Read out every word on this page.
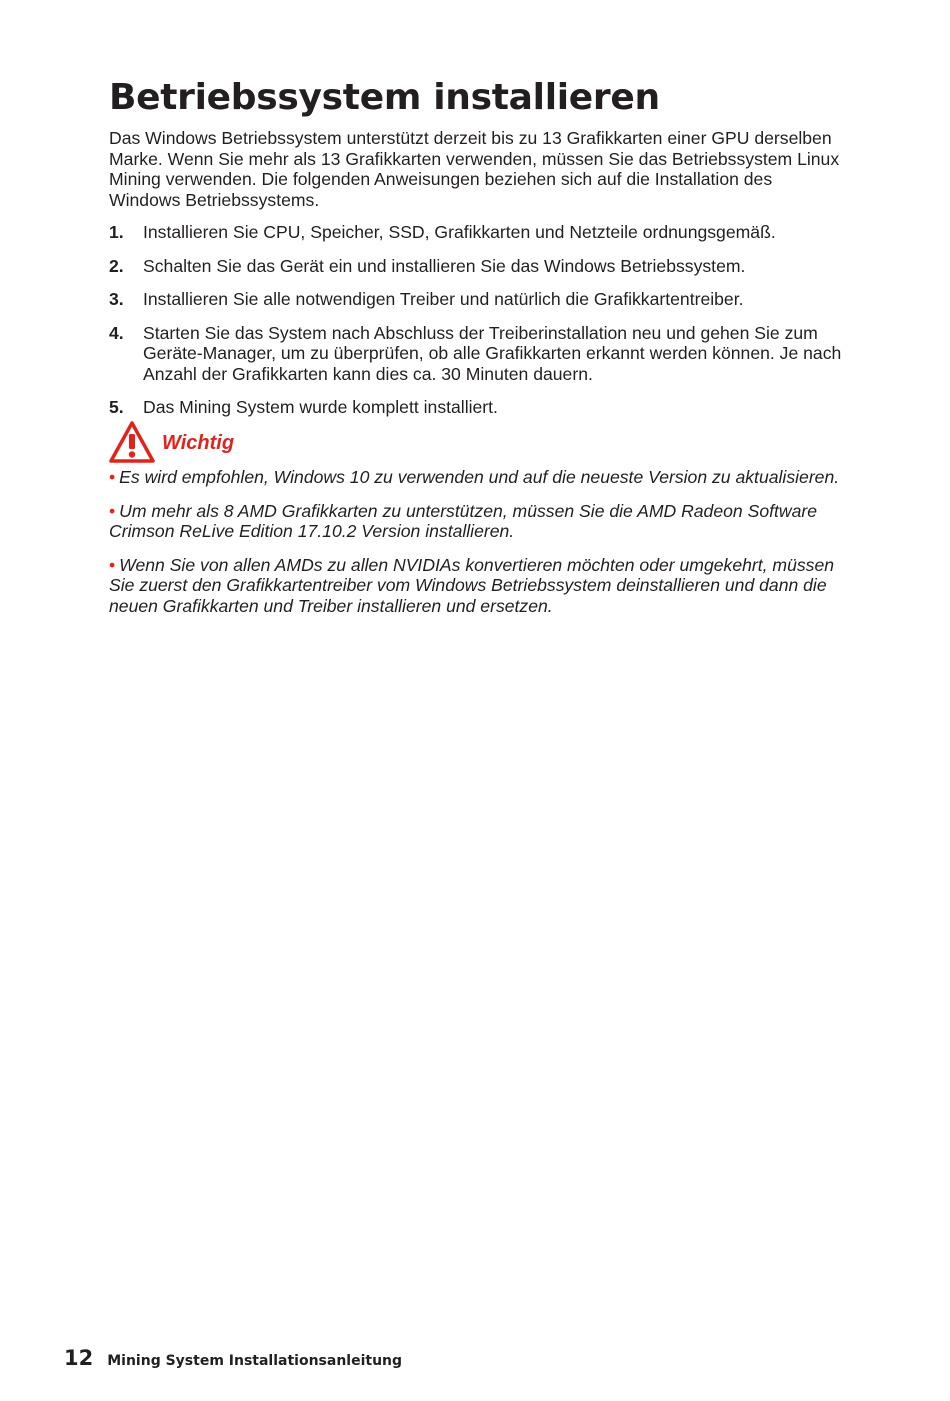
Betriebssystem installieren

Das Windows Betriebssystem unterstützt derzeit bis zu 13 Grafikkarten einer GPU derselben Marke. Wenn Sie mehr als 13 Grafikkarten verwenden, müssen Sie das Betriebssystem Linux Mining verwenden. Die folgenden Anweisungen beziehen sich auf die Installation des Windows Betriebssystems.

1. Installieren Sie CPU, Speicher, SSD, Grafikkarten und Netzteile ordnungsgemäß.
2. Schalten Sie das Gerät ein und installieren Sie das Windows Betriebssystem.
3. Installieren Sie alle notwendigen Treiber und natürlich die Grafikkartentreiber.
4. Starten Sie das System nach Abschluss der Treiberinstallation neu und gehen Sie zum Geräte-Manager, um zu überprüfen, ob alle Grafikkarten erkannt werden können. Je nach Anzahl der Grafikkarten kann dies ca. 30 Minuten dauern.
5. Das Mining System wurde komplett installiert.
Wichtig

• Es wird empfohlen, Windows 10 zu verwenden und auf die neueste Version zu aktualisieren.

• Um mehr als 8 AMD Grafikkarten zu unterstützen, müssen Sie die AMD Radeon Software Crimson ReLive Edition 17.10.2 Version installieren.

• Wenn Sie von allen AMDs zu allen NVIDIAs konvertieren möchten oder umgekehrt, müssen Sie zuerst den Grafikkartentreiber vom Windows Betriebssystem deinstallieren und dann die neuen Grafikkarten und Treiber installieren und ersetzen.

12 Mining System Installationsanleitung
